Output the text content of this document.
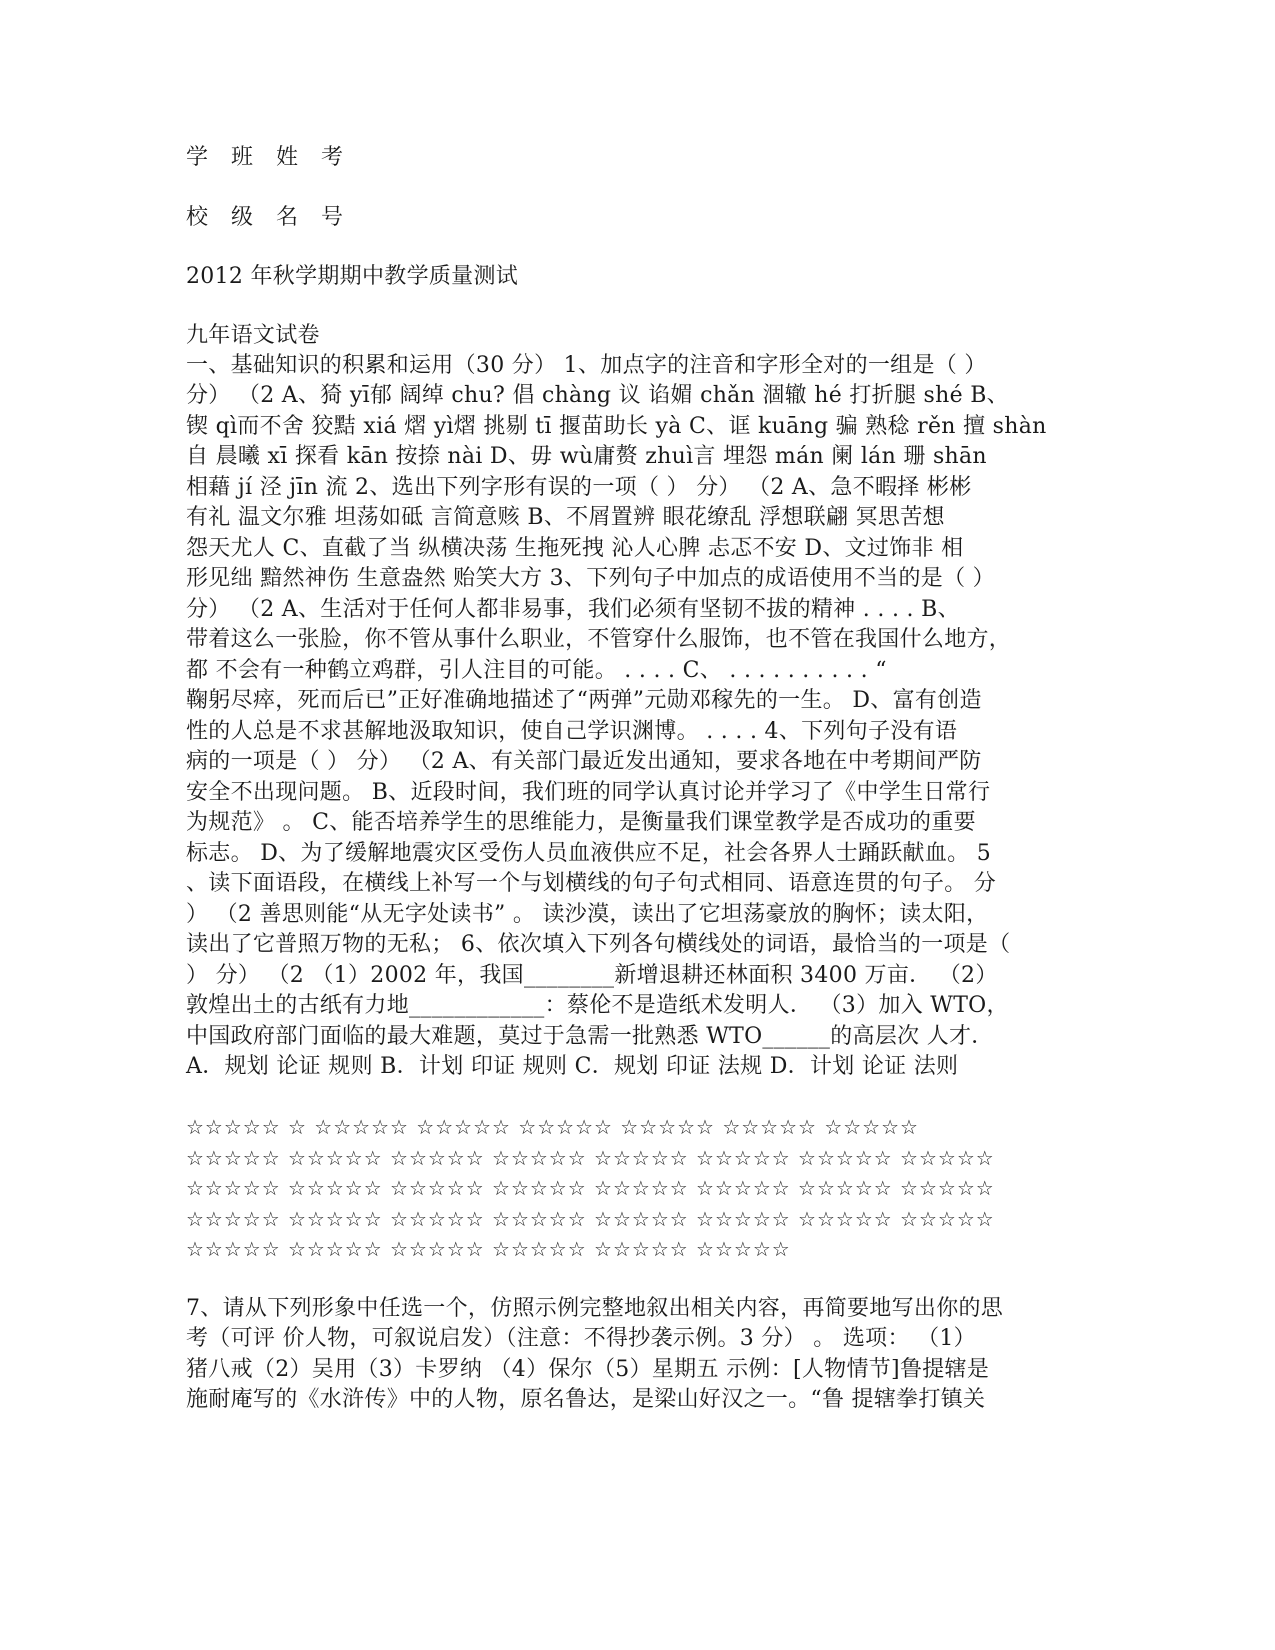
学 班 姓 考
校 级 名 号
2012 年秋学期期中教学质量测试
九年语文试卷
一、基础知识的积累和运用（30 分） 1、加点字的注音和字形全对的一组是（ ）
分） （2 A、猗 yī郁 阔绰 chu? 倡 chàng 议 谄媚 chǎn 涸辙 hé 打折腿 shé B、
锲 qì而不舍 狡黠 xiá 熠 yì熠 挑剔 tī 揠苗助长 yà C、诓 kuāng 骗 熟稔 rěn 擅 shàn
自 晨曦 xī 探看 kān 按捺 nài D、毋 wù庸赘 zhuì言 埋怨 mán 阑 lán 珊 shān
相藉 jí 泾 jīn 流 2、选出下列字形有误的一项（ ） 分） （2 A、急不暇择 彬彬
有礼 温文尔雅 坦荡如砥 言简意赅 B、不屑置辨 眼花缭乱 浮想联翩 冥思苦想
怨天尤人 C、直截了当 纵横决荡 生拖死拽 沁人心脾 忐忑不安 D、文过饰非 相
形见绌 黯然神伤 生意盎然 贻笑大方 3、下列句子中加点的成语使用不当的是（ ）
分） （2 A、生活对于任何人都非易事，我们必须有坚韧不拔的精神 . . . . B、
带着这么一张脸，你不管从事什么职业，不管穿什么服饰，也不管在我国什么地方，
都 不会有一种鹤立鸡群，引人注目的可能。 . . . . C、 . . . . . . . . . . “
鞠躬尽瘁，死而后已”正好准确地描述了“两弹”元勋邓稼先的一生。 D、富有创造
性的人总是不求甚解地汲取知识，使自己学识渊博。 . . . . 4、下列句子没有语
病的一项是（ ） 分） （2 A、有关部门最近发出通知，要求各地在中考期间严防
安全不出现问题。 B、近段时间，我们班的同学认真讨论并学习了《中学生日常行
为规范》 。 C、能否培养学生的思维能力，是衡量我们课堂教学是否成功的重要
标志。 D、为了缓解地震灾区受伤人员血液供应不足，社会各界人士踊跃献血。 5
、读下面语段，在横线上补写一个与划横线的句子句式相同、语意连贯的句子。 分
） （2 善思则能“从无字处读书” 。 读沙漠，读出了它坦荡豪放的胸怀；读太阳，
读出了它普照万物的无私； 6、依次填入下列各句横线处的词语，最恰当的一项是（
） 分） （2 （1）2002 年，我国________新增退耕还林面积 3400 万亩． （2）
敦煌出土的古纸有力地____________：蔡伦不是造纸术发明人． （3）加入 WTO，
中国政府部门面临的最大难题，莫过于急需一批熟悉 WTO______的高层次 人才．
A．规划 论证 规则 B．计划 印证 规则 C．规划 印证 法规 D．计划 论证 法则
☆☆☆☆☆ ☆ ☆☆☆☆☆ ☆☆☆☆☆ ☆☆☆☆☆ ☆☆☆☆☆ ☆☆☆☆☆ ☆☆☆☆☆
☆☆☆☆☆ ☆☆☆☆☆ ☆☆☆☆☆ ☆☆☆☆☆ ☆☆☆☆☆ ☆☆☆☆☆ ☆☆☆☆☆ ☆☆☆☆☆
☆☆☆☆☆ ☆☆☆☆☆ ☆☆☆☆☆ ☆☆☆☆☆ ☆☆☆☆☆ ☆☆☆☆☆ ☆☆☆☆☆ ☆☆☆☆☆
☆☆☆☆☆ ☆☆☆☆☆ ☆☆☆☆☆ ☆☆☆☆☆ ☆☆☆☆☆ ☆☆☆☆☆ ☆☆☆☆☆ ☆☆☆☆☆
☆☆☆☆☆ ☆☆☆☆☆ ☆☆☆☆☆ ☆☆☆☆☆ ☆☆☆☆☆ ☆☆☆☆☆
7、请从下列形象中任选一个，仿照示例完整地叙出相关内容，再简要地写出你的思
考（可评 价人物，可叙说启发）（注意：不得抄袭示例。3 分） 。 选项： （1）
猪八戒（2）吴用（3）卡罗纳 （4）保尔（5）星期五 示例：[人物情节]鲁提辖是
施耐庵写的《水浒传》中的人物，原名鲁达，是梁山好汉之一。“鲁 提辖拳打镇关
